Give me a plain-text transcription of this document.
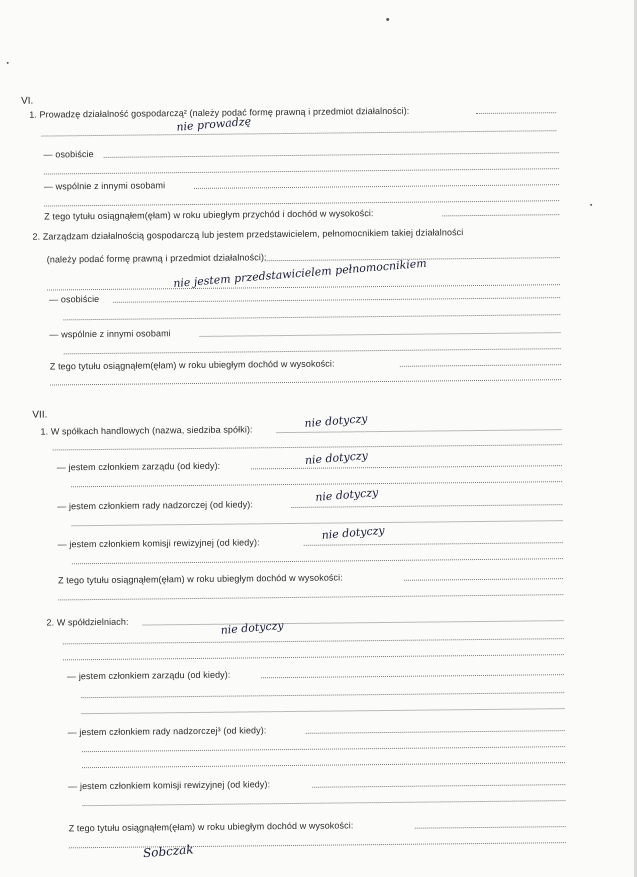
VI.
1. Prowadzę działalność gospodarczą² (należy podać formę prawną i przedmiot działalności):
nie prowadzę
— osobiście
— wspólnie z innymi osobami
Z tego tytułu osiągnąłem(ęłam) w roku ubiegłym przychód i dochód w wysokości:
2. Zarządzam działalnością gospodarczą lub jestem przedstawicielem, pełnomocnikiem takiej działalności
(należy podać formę prawną i przedmiot działalności):
nie jestem przedstawicielem pełnomocnikiem
— osobiście
— wspólnie z innymi osobami
Z tego tytułu osiągnąłem(ęłam) w roku ubiegłym dochód w wysokości:
VII.
1. W spółkach handlowych (nazwa, siedziba spółki):
nie dotyczy
— jestem członkiem zarządu (od kiedy):	nie dotyczy
— jestem członkiem rady nadzorczej (od kiedy):
nie dotyczy
— jestem członkiem komisji rewizyjnej (od kiedy):
nie dotyczy
Z tego tytułu osiągnąłem(ęłam) w roku ubiegłym dochód w wysokości:
2. W spółdzielniach:	nie dotyczy
— jestem członkiem zarządu (od kiedy):
— jestem członkiem rady nadzorczej³ (od kiedy):
— jestem członkiem komisji rewizyjnej (od kiedy):
Z tego tytułu osiągnąłem(ęłam) w roku ubiegłym dochód w wysokości:
Sobczak
